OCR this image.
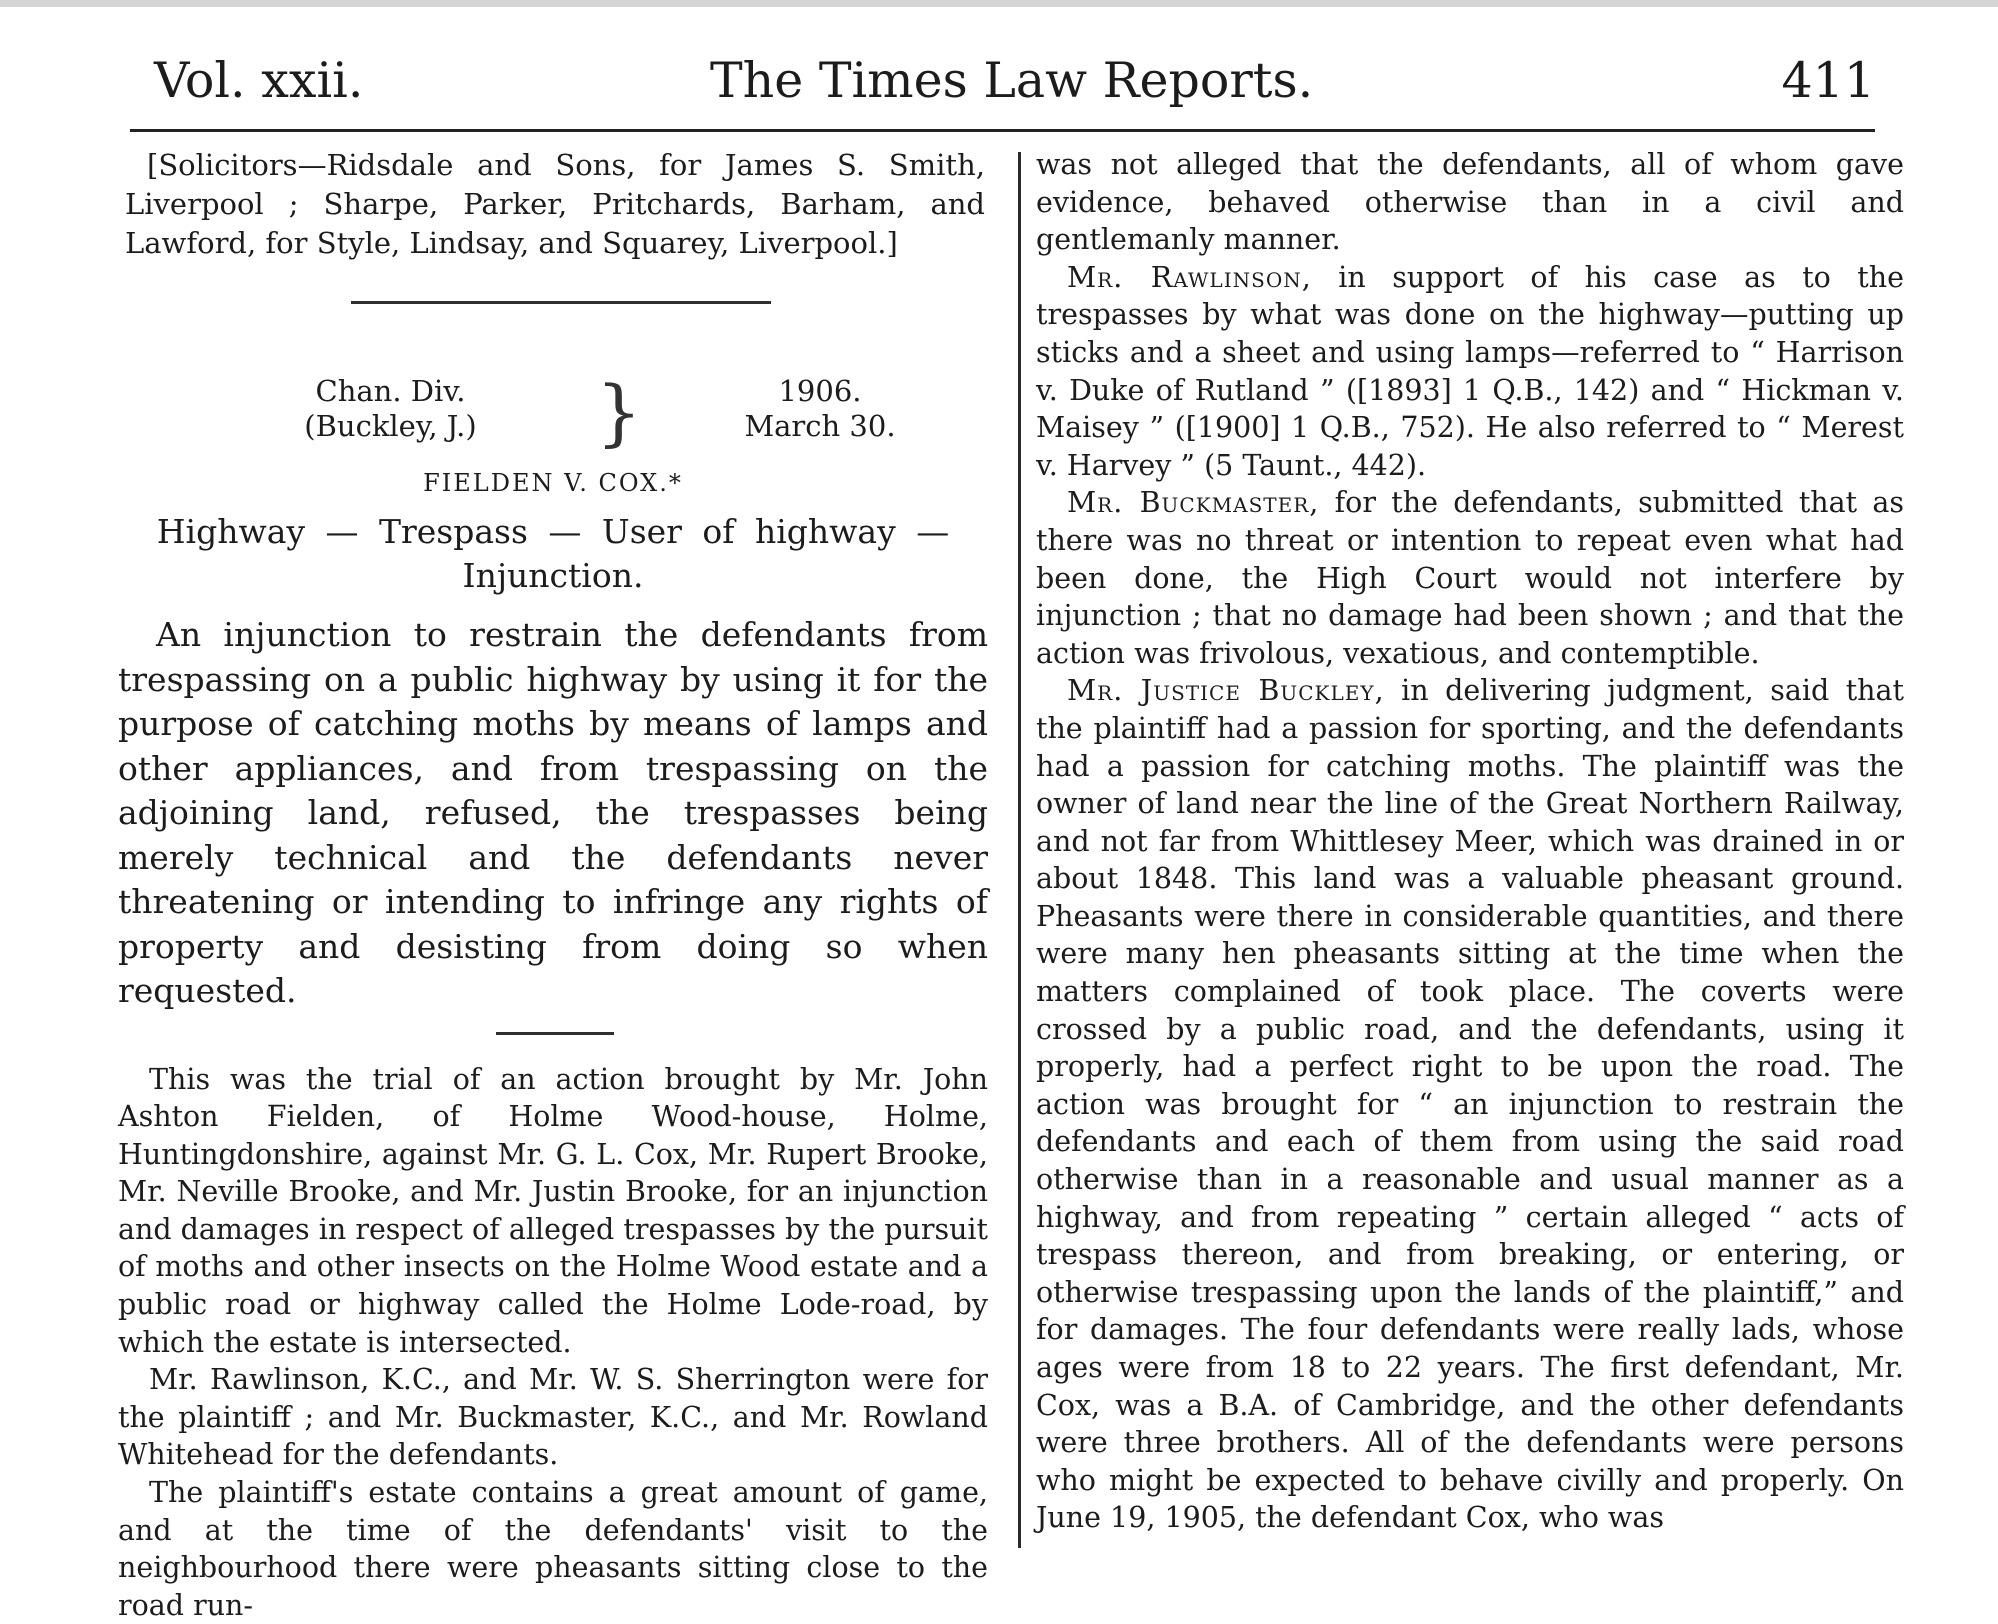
Vol. xxii.	The Times Law Reports.	411

[Solicitors—Ridsdale and Sons, for James S. Smith, Liverpool ; Sharpe, Parker, Pritchards, Barham, and Lawford, for Style, Lindsay, and Squarey, Liverpool.]

Chan. Div.
(Buckley, J.)	}	1906.
March 30.
FIELDEN V. COX.*
Highway — Trespass — User of highway — Injunction.

An injunction to restrain the defendants from trespassing on a public highway by using it for the purpose of catching moths by means of lamps and other appliances, and from trespassing on the adjoining land, refused, the trespasses being merely technical and the defendants never threatening or intending to infringe any rights of property and desisting from doing so when requested.

This was the trial of an action brought by Mr. John Ashton Fielden, of Holme Wood-house, Holme, Huntingdonshire, against Mr. G. L. Cox, Mr. Rupert Brooke, Mr. Neville Brooke, and Mr. Justin Brooke, for an injunction and damages in respect of alleged trespasses by the pursuit of moths and other insects on the Holme Wood estate and a public road or highway called the Holme Lode-road, by which the estate is intersected.

Mr. Rawlinson, K.C., and Mr. W. S. Sherrington were for the plaintiff ; and Mr. Buckmaster, K.C., and Mr. Rowland Whitehead for the defendants.

The plaintiff's estate contains a great amount of game, and at the time of the defendants' visit to the neighbourhood there were pheasants sitting close to the road run-

was not alleged that the defendants, all of whom gave evidence, behaved otherwise than in a civil and gentlemanly manner.

Mr. Rawlinson, in support of his case as to the trespasses by what was done on the highway—putting up sticks and a sheet and using lamps—referred to “ Harrison v. Duke of Rutland ” ([1893] 1 Q.B., 142) and “ Hickman v. Maisey ” ([1900] 1 Q.B., 752). He also referred to “ Merest v. Harvey ” (5 Taunt., 442).

Mr. Buckmaster, for the defendants, submitted that as there was no threat or intention to repeat even what had been done, the High Court would not interfere by injunction ; that no damage had been shown ; and that the action was frivolous, vexatious, and contemptible.

Mr. Justice Buckley, in delivering judgment, said that the plaintiff had a passion for sporting, and the defendants had a passion for catching moths. The plaintiff was the owner of land near the line of the Great Northern Railway, and not far from Whittlesey Meer, which was drained in or about 1848. This land was a valuable pheasant ground. Pheasants were there in considerable quantities, and there were many hen pheasants sitting at the time when the matters complained of took place. The coverts were crossed by a public road, and the defendants, using it properly, had a perfect right to be upon the road. The action was brought for “ an injunction to restrain the defendants and each of them from using the said road otherwise than in a reasonable and usual manner as a highway, and from repeating ” certain alleged “ acts of trespass thereon, and from breaking, or entering, or otherwise trespassing upon the lands of the plaintiff,” and for damages. The four defendants were really lads, whose ages were from 18 to 22 years. The first defendant, Mr. Cox, was a B.A. of Cambridge, and the other defendants were three brothers. All of the defendants were persons who might be expected to behave civilly and properly. On June 19, 1905, the defendant Cox, who was
